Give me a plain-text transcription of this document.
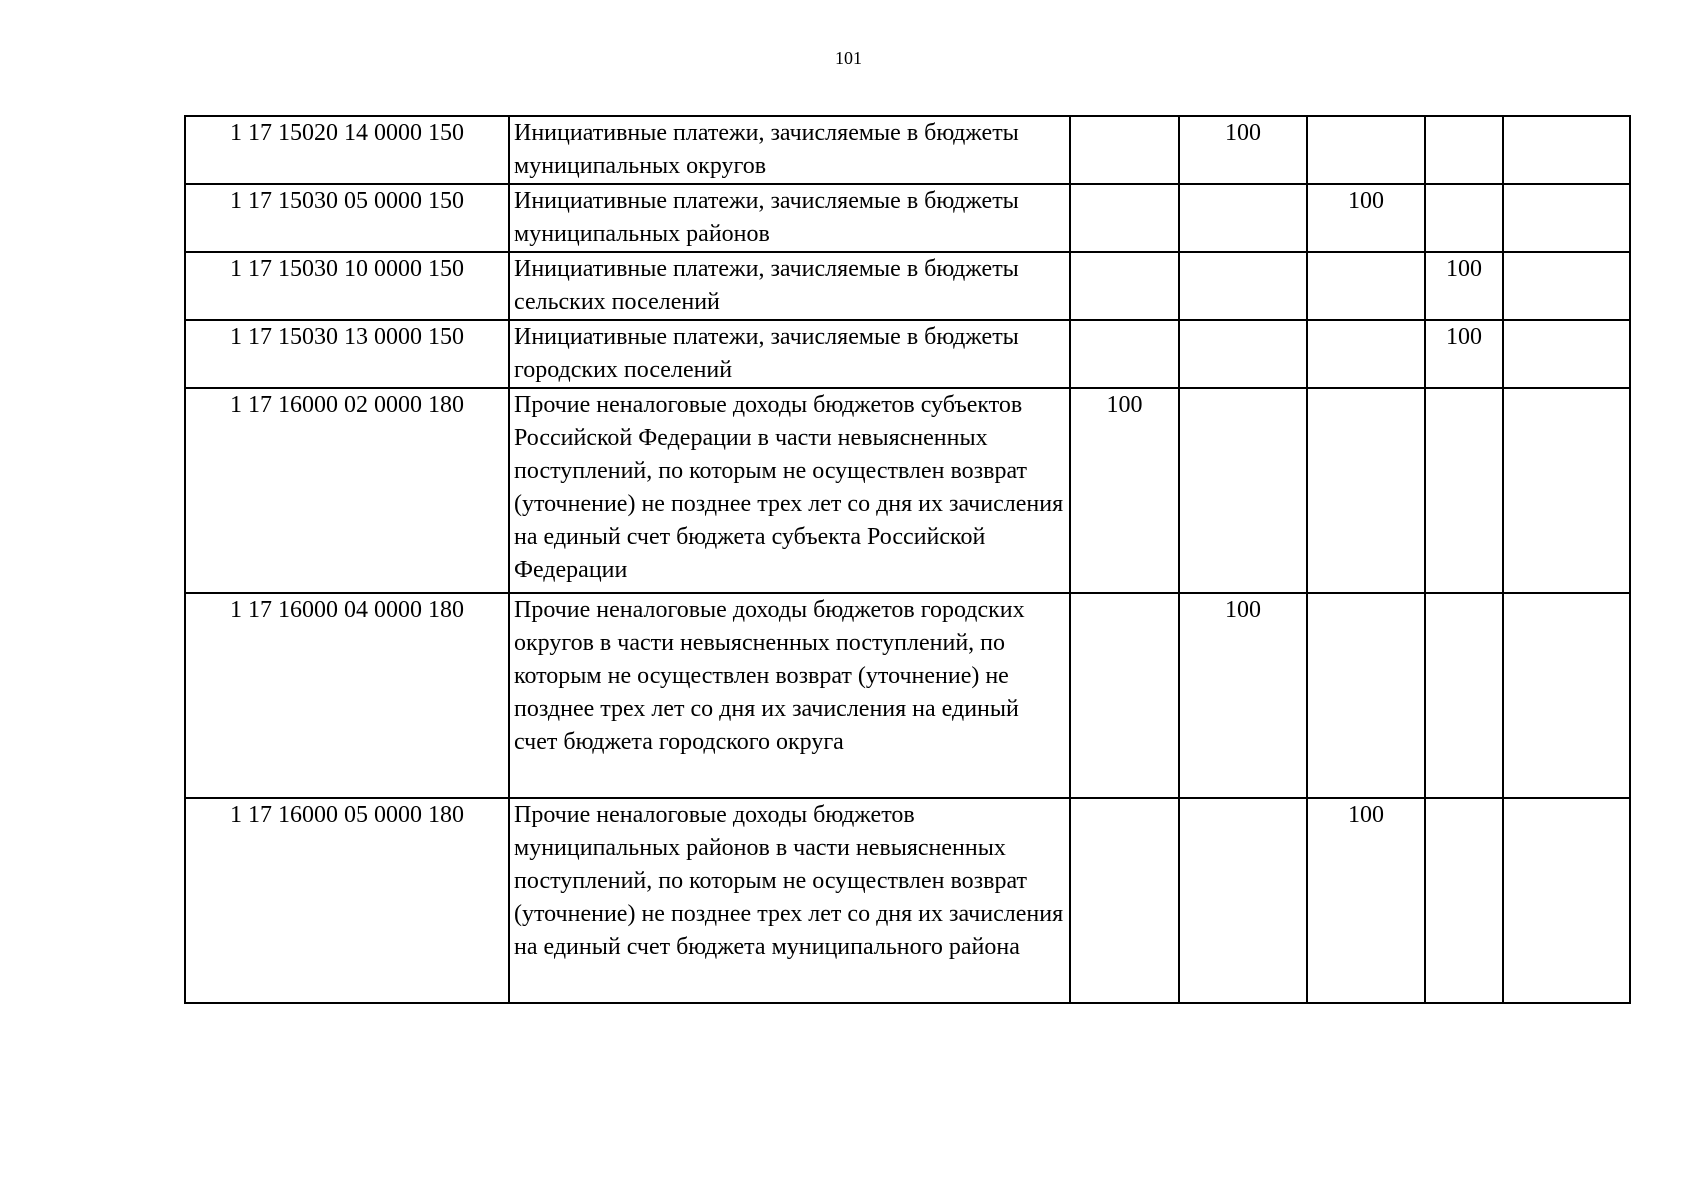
101
1 17 15020 14 0000 150	Инициативные платежи, зачисляемые в бюджеты муниципальных округов		100			
1 17 15030 05 0000 150	Инициативные платежи, зачисляемые в бюджеты муниципальных районов			100		
1 17 15030 10 0000 150	Инициативные платежи, зачисляемые в бюджеты сельских поселений				100	
1 17 15030 13 0000 150	Инициативные платежи, зачисляемые в бюджеты городских поселений				100	
1 17 16000 02 0000 180	Прочие неналоговые доходы бюджетов субъектов Российской Федерации в части невыясненных поступлений, по которым не осуществлен возврат (уточнение) не позднее трех лет со дня их зачисления на единый счет бюджета субъекта Российской Федерации	100				
1 17 16000 04 0000 180	Прочие неналоговые доходы бюджетов городских округов в части невыясненных поступлений, по которым не осуществлен возврат (уточнение) не позднее трех лет со дня их зачисления на единый счет бюджета городского округа		100			
1 17 16000 05 0000 180	Прочие неналоговые доходы бюджетов муниципальных районов в части невыясненных поступлений, по которым не осуществлен возврат (уточнение) не позднее трех лет со дня их зачисления на единый счет бюджета муниципального района			100		
